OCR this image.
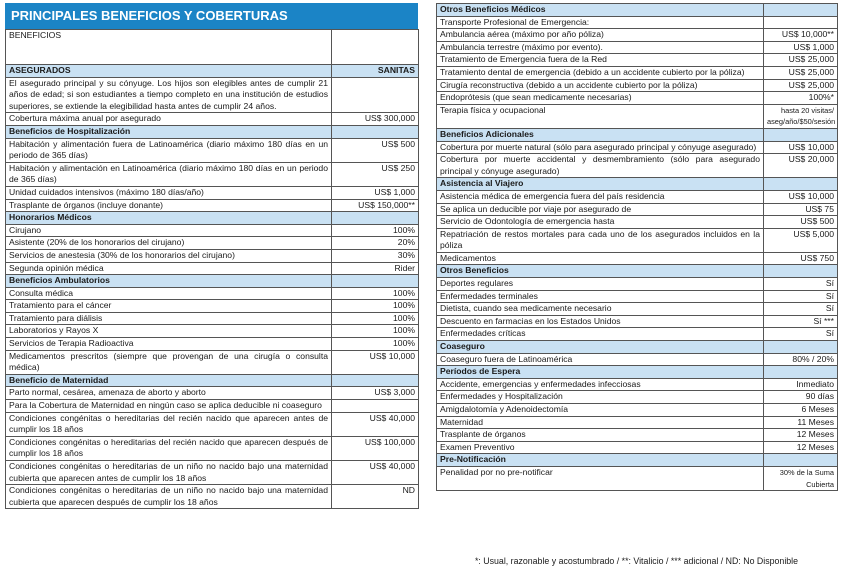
PRINCIPALES BENEFICIOS Y COBERTURAS
BENEFICIOS	
ASEGURADOS	SANITAS
El asegurado principal y su cónyuge. Los hijos son elegibles antes de cumplir 21 años de edad; si son estudiantes a tiempo completo en una institución de estudios superiores, se extiende la elegibilidad hasta antes de cumplir 24 años.	
Cobertura máxima anual por asegurado	US$ 300,000
Beneficios de Hospitalización	
Habitación y alimentación fuera de Latinoamérica (diario máximo 180 días en un periodo de 365 días)	US$ 500
Habitación y alimentación en Latinoamérica (diario máximo 180 días en un periodo de 365 días)	US$ 250
Unidad cuidados intensivos (máximo 180 días/año)	US$ 1,000
Trasplante de órganos (incluye donante)	US$ 150,000**
Honorarios Médicos	
Cirujano	100%
Asistente (20% de los honorarios del cirujano)	20%
Servicios de anestesia (30% de los honorarios del cirujano)	30%
Segunda opinión médica	Rider
Beneficios Ambulatorios	
Consulta médica	100%
Tratamiento para el cáncer	100%
Tratamiento para diálisis	100%
Laboratorios y Rayos X	100%
Servicios de Terapia Radioactiva	100%
Medicamentos prescritos (siempre que provengan de una cirugía o consulta médica)	US$ 10,000
Beneficio de Maternidad	
Parto normal, cesárea, amenaza de aborto y aborto	US$ 3,000
Para la Cobertura de Maternidad en ningún caso se aplica deducible ni coaseguro	
Condiciones congénitas o hereditarias del recién nacido que aparecen antes de cumplir los 18 años	US$ 40,000
Condiciones congénitas o hereditarias del recién nacido que aparecen después de cumplir los 18 años	US$ 100,000
Condiciones congénitas o hereditarias de un niño no nacido bajo una maternidad cubierta que aparecen antes de cumplir los 18 años	US$ 40,000
Condiciones congénitas o hereditarias de un niño no nacido bajo una maternidad cubierta que aparecen después de cumplir los 18 años	ND
Otros Beneficios Médicos	
Transporte Profesional de Emergencia:	
Ambulancia aérea (máximo por año póliza)	US$ 10,000**
Ambulancia terrestre (máximo por evento).	US$ 1,000
Tratamiento de Emergencia fuera de la Red	US$ 25,000
Tratamiento dental de emergencia (debido a un accidente cubierto por la póliza)	US$ 25,000
Cirugía reconstructiva (debido a un accidente cubierto por la póliza)	US$ 25,000
Endoprótesis (que sean medicamente necesarias)	100%*
Terapia física y ocupacional	hasta 20 visitas/ aseg/año/$50/sesión
Beneficios Adicionales	
Cobertura por muerte natural (sólo para asegurado principal y cónyuge asegurado)	US$ 10,000
Cobertura por muerte accidental y desmembramiento (sólo para asegurado principal y cónyuge asegurado)	US$ 20,000
Asistencia al Viajero	
Asistencia médica de emergencia fuera del país residencia	US$ 10,000
Se aplica un deducible por viaje por asegurado de	US$ 75
Servicio de Odontología de emergencia hasta	US$ 500
Repatriación de restos mortales para cada uno de los asegurados incluidos en la póliza	US$ 5,000
Medicamentos	US$ 750
Otros Beneficios	
Deportes regulares	Sí
Enfermedades terminales	Sí
Dietista, cuando sea medicamente necesario	Sí
Descuento en farmacias en los Estados Unidos	Sí ***
Enfermedades críticas	Sí
Coaseguro	
Coaseguro fuera de Latinoamérica	80% / 20%
Períodos de Espera	
Accidente, emergencias y enfermedades infecciosas	Inmediato
Enfermedades y Hospitalización	90 días
Amigdalotomía y Adenoidectomía	6 Meses
Maternidad	11 Meses
Trasplante de órganos	12 Meses
Examen Preventivo	12 Meses
Pre-Notificación	
Penalidad por no pre-notificar	30% de la Suma Cubierta
*: Usual, razonable y acostumbrado / **: Vitalicio / *** adicional / ND: No Disponible
